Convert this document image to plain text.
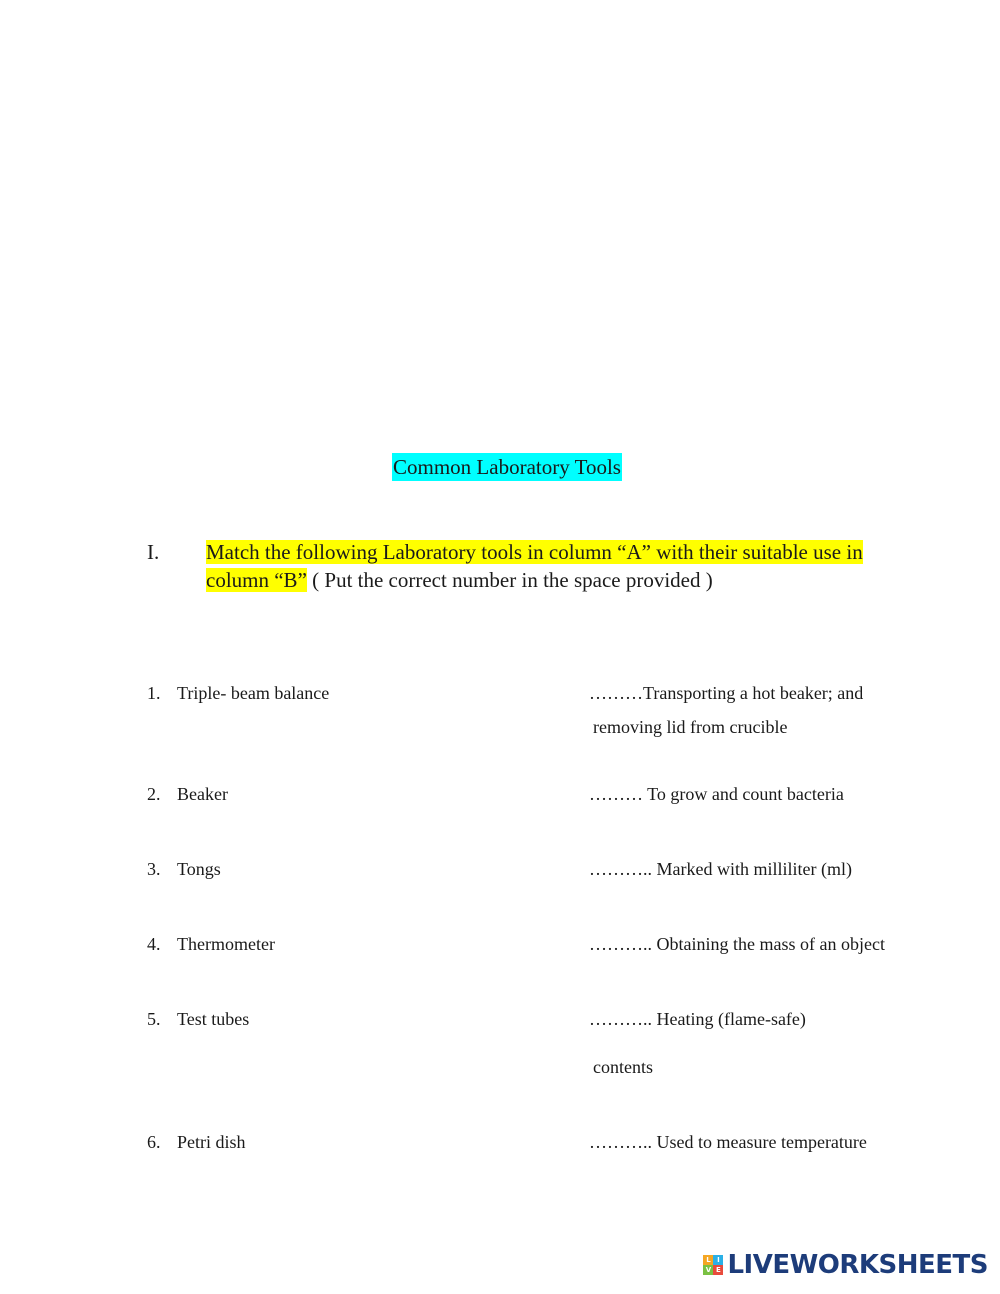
Common Laboratory Tools
I. Match the following Laboratory tools in column “A” with their suitable use in column “B” ( Put the correct number in the space provided )
1. Triple- beam balance
2. Beaker
3. Tongs
4. Thermometer
5. Test tubes
6. Petri dish
………Transporting a hot beaker; and
removing lid from crucible
……… To grow and count bacteria
……….. Marked with milliliter (ml)
……….. Obtaining the mass of an object
……….. Heating (flame-safe)
contents
……….. Used to measure temperature
L I
V E LIVEWORKSHEETS
